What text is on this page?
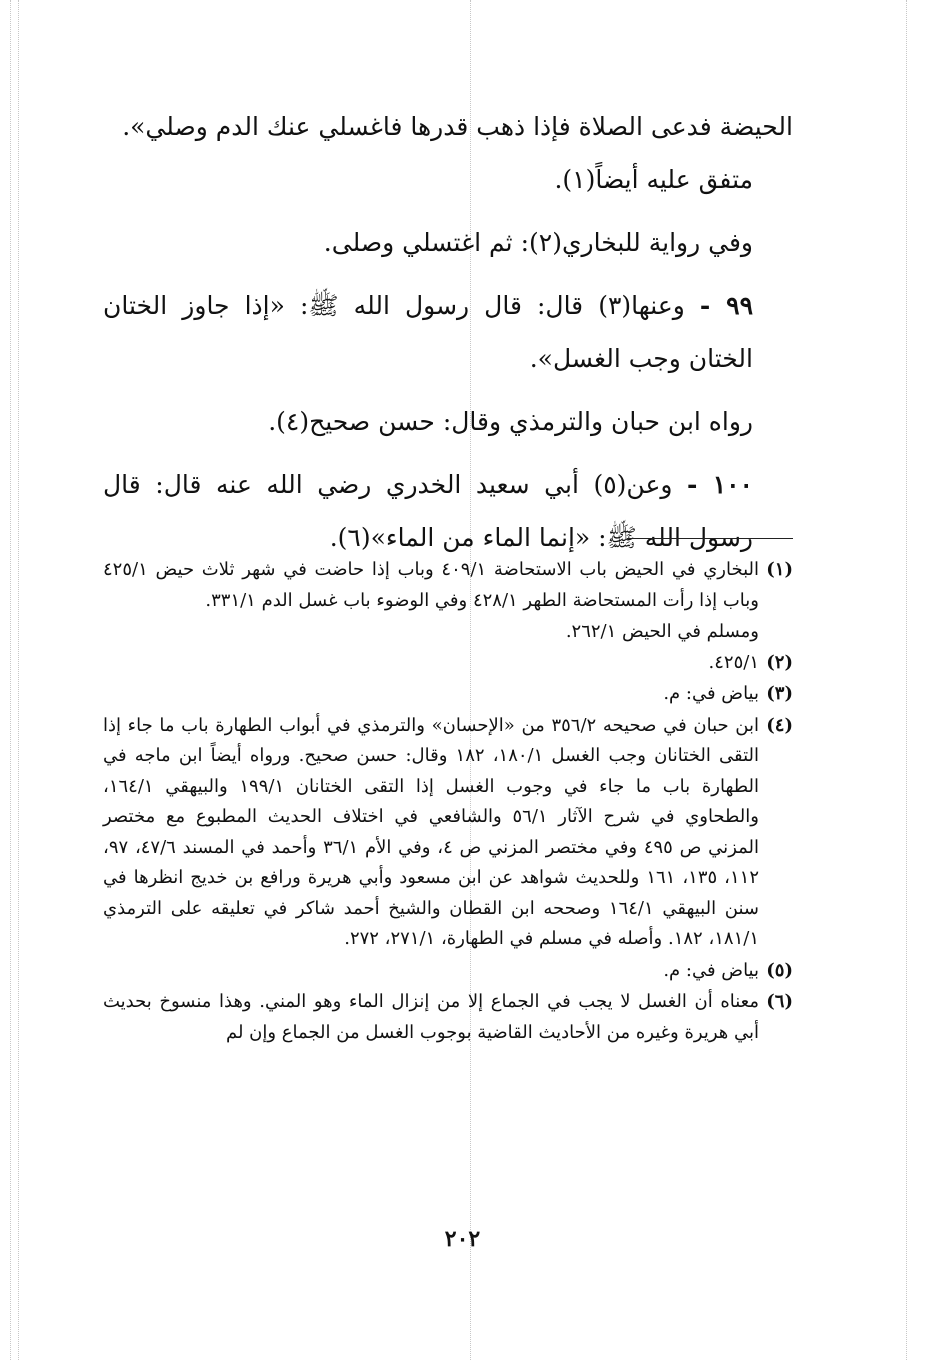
الحيضة فدعى الصلاة فإذا ذهب قدرها فاغسلي عنك الدم وصلي».

متفق عليه أيضاً(١).

وفي رواية للبخاري(٢): ثم اغتسلي وصلى.

٩٩ - وعنها(٣) قال: قال رسول الله ﷺ: «إذا جاوز الختان الختان وجب الغسل».

رواه ابن حبان والترمذي وقال: حسن صحيح(٤).

١٠٠ - وعن(٥) أبي سعيد الخدري رضي الله عنه قال: قال رسول الله ﷺ: «إنما الماء من الماء»(٦).

(١)
البخاري في الحيض باب الاستحاضة ٤٠٩/١ وباب إذا حاضت في شهر ثلاث حيض ٤٢٥/١ وباب إذا رأت المستحاضة الطهر ٤٢٨/١ وفي الوضوء باب غسل الدم ٣٣١/١.

ومسلم في الحيض ٢٦٢/١.

(٢)
٤٢٥/١.
(٣)
بياض في: م.
(٤)
ابن حبان في صحيحه ٣٥٦/٢ من «الإحسان» والترمذي في أبواب الطهارة باب ما جاء إذا التقى الختانان وجب الغسل ١٨٠/١، ١٨٢ وقال: حسن صحيح. ورواه أيضاً ابن ماجه في الطهارة باب ما جاء في وجوب الغسل إذا التقى الختانان ١٩٩/١ والبيهقي ١٦٤/١، والطحاوي في شرح الآثار ٥٦/١ والشافعي في اختلاف الحديث المطبوع مع مختصر المزني ص ٤٩٥ وفي مختصر المزني ص ٤، وفي الأم ٣٦/١ وأحمد في المسند ٤٧/٦، ٩٧، ١١٢، ١٣٥، ١٦١ وللحديث شواهد عن ابن مسعود وأبي هريرة ورافع بن خديج انظرها في سنن البيهقي ١٦٤/١ وصححه ابن القطان والشيخ أحمد شاكر في تعليقه على الترمذي ١٨١/١، ١٨٢. وأصله في مسلم في الطهارة، ٢٧١/١، ٢٧٢.
(٥)
بياض في: م.
(٦)
معناه أن الغسل لا يجب في الجماع إلا من إنزال الماء وهو المني. وهذا منسوخ بحديث أبي هريرة وغيره من الأحاديث القاضية بوجوب الغسل من الجماع وإن لم
٢٠٢
